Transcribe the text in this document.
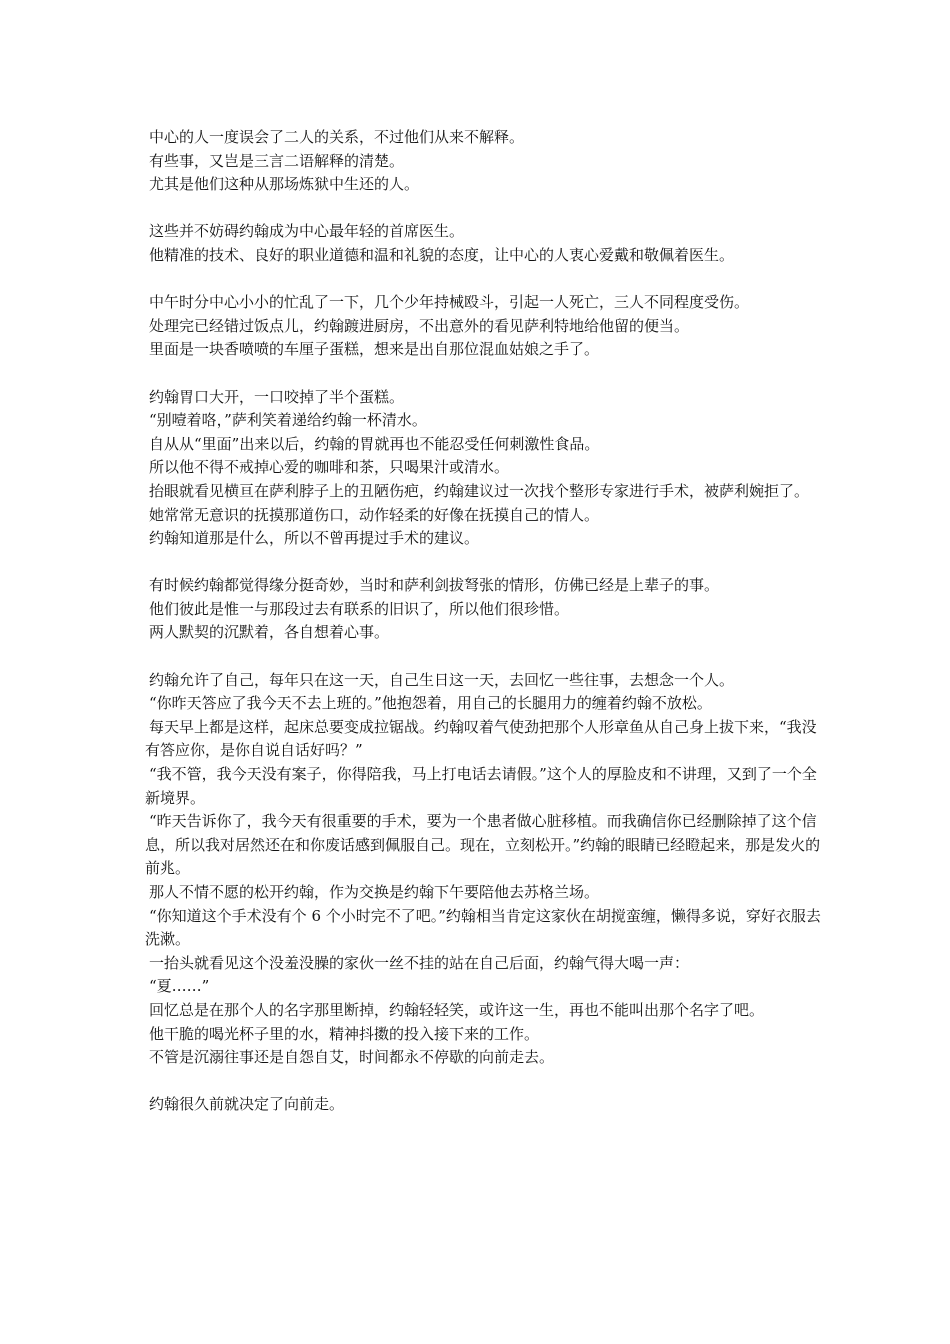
中心的人一度误会了二人的关系，不过他们从来不解释。
有些事，又岂是三言二语解释的清楚。
尤其是他们这种从那场炼狱中生还的人。
这些并不妨碍约翰成为中心最年轻的首席医生。
他精准的技术、良好的职业道德和温和礼貌的态度，让中心的人衷心爱戴和敬佩着医生。
中午时分中心小小的忙乱了一下，几个少年持械殴斗，引起一人死亡，三人不同程度受伤。
处理完已经错过饭点儿，约翰踱进厨房，不出意外的看见萨利特地给他留的便当。
里面是一块香喷喷的车厘子蛋糕，想来是出自那位混血姑娘之手了。
约翰胃口大开，一口咬掉了半个蛋糕。
“别噎着咯，”萨利笑着递给约翰一杯清水。
自从从“里面”出来以后，约翰的胃就再也不能忍受任何刺激性食品。
所以他不得不戒掉心爱的咖啡和茶，只喝果汁或清水。
抬眼就看见横亘在萨利脖子上的丑陋伤疤，约翰建议过一次找个整形专家进行手术，被萨利婉拒了。
她常常无意识的抚摸那道伤口，动作轻柔的好像在抚摸自己的情人。
约翰知道那是什么，所以不曾再提过手术的建议。
有时候约翰都觉得缘分挺奇妙，当时和萨利剑拔弩张的情形，仿佛已经是上辈子的事。
他们彼此是惟一与那段过去有联系的旧识了，所以他们很珍惜。
两人默契的沉默着，各自想着心事。
约翰允许了自己，每年只在这一天，自己生日这一天，去回忆一些往事，去想念一个人。
“你昨天答应了我今天不去上班的。”他抱怨着，用自己的长腿用力的缠着约翰不放松。
每天早上都是这样，起床总要变成拉锯战。约翰叹着气使劲把那个人形章鱼从自己身上拔下来，“我没有答应你，是你自说自话好吗？”
“我不管，我今天没有案子，你得陪我，马上打电话去请假。”这个人的厚脸皮和不讲理，又到了一个全新境界。
“昨天告诉你了，我今天有很重要的手术，要为一个患者做心脏移植。而我确信你已经删除掉了这个信息，所以我对居然还在和你废话感到佩服自己。现在，立刻松开。”约翰的眼睛已经瞪起来，那是发火的前兆。
那人不情不愿的松开约翰，作为交换是约翰下午要陪他去苏格兰场。
“你知道这个手术没有个 6 个小时完不了吧。”约翰相当肯定这家伙在胡搅蛮缠，懒得多说，穿好衣服去洗漱。
一抬头就看见这个没羞没臊的家伙一丝不挂的站在自己后面，约翰气得大喝一声：
“夏……”
回忆总是在那个人的名字那里断掉，约翰轻轻笑，或许这一生，再也不能叫出那个名字了吧。
他干脆的喝光杯子里的水，精神抖擞的投入接下来的工作。
不管是沉溺往事还是自怨自艾，时间都永不停歇的向前走去。
约翰很久前就决定了向前走。
